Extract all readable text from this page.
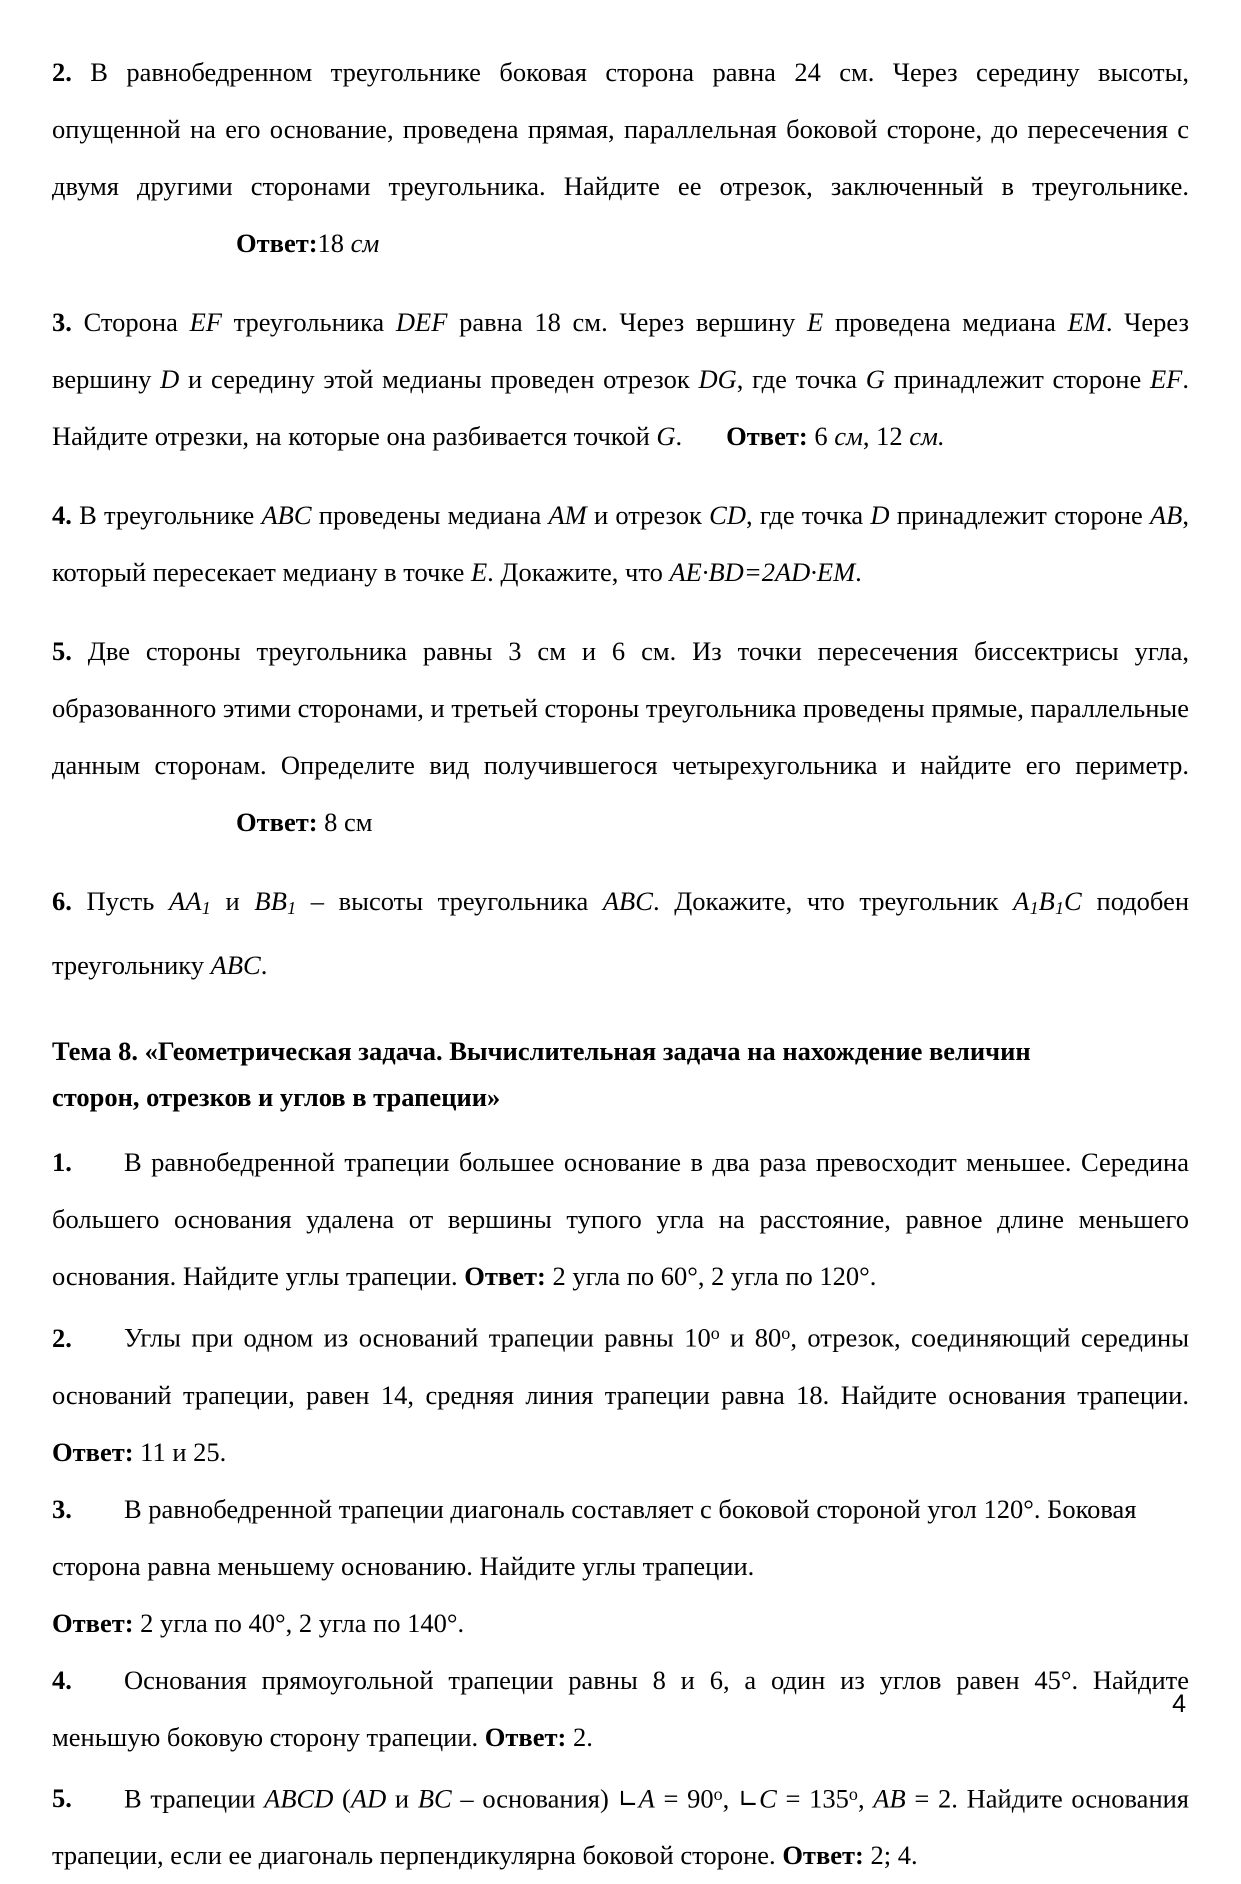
2. В равнобедренном треугольнике боковая сторона равна 24 см. Через середину высоты, опущенной на его основание, проведена прямая, параллельная боковой стороне, до пересечения с двумя другими сторонами треугольника. Найдите ее отрезок, заключенный в треугольнике.Ответ:18 см

3. Сторона EF треугольника DEF равна 18 см. Через вершину E проведена медиана EM. Через вершину D и середину этой медианы проведен отрезок DG, где точка G принадлежит стороне EF. Найдите отрезки, на которые она разбивается точкой G. Ответ: 6 см, 12 см.

4. В треугольнике ABC проведены медиана AM и отрезок CD, где точка D принадлежит стороне AB, который пересекает медиану в точке E. Докажите, что AE·BD=2AD·EM.

5. Две стороны треугольника равны 3 см и 6 см. Из точки пересечения биссектрисы угла, образованного этими сторонами, и третьей стороны треугольника проведены прямые, параллельные данным сторонам. Определите вид получившегося четырехугольника и найдите его периметр.Ответ: 8 см

6. Пусть $AA_1$ и $BB_1$ – высоты треугольника ABC. Докажите, что треугольник $A_1B_1C$ подобен треугольнику ABC.

Тема 8. «Геометрическая задача. Вычислительная задача на нахождение величин
сторон, отрезков и углов в трапеции»

1. В равнобедренной трапеции большее основание в два раза превосходит меньшее. Середина большего основания удалена от вершины тупого угла на расстояние, равное длине меньшего основания. Найдите углы трапеции. Ответ: 2 угла по 60°, 2 угла по 120°.

2. Углы при одном из оснований трапеции равны 10$^o$ и 80$^o$, отрезок, соединяющий середины оснований трапеции, равен 14, средняя линия трапеции равна 18. Найдите основания трапеции. Ответ: 11 и 25.

3. В равнобедренной трапеции диагональ составляет с боковой стороной угол 120°. Боковая сторона равна меньшему основанию. Найдите углы трапеции.

Ответ: 2 угла по 40°, 2 угла по 140°.

4. Основания прямоугольной трапеции равны 8 и 6, а один из углов равен 45°. Найдите меньшую боковую сторону трапеции. Ответ: 2.

5. В трапеции ABCD (AD и BC – основания) ∟A = $90^o$, ∟C = $135^o$, AB = 2. Найдите основания трапеции, если ее диагональ перпендикулярна боковой стороне. Ответ: 2; 4.

4
